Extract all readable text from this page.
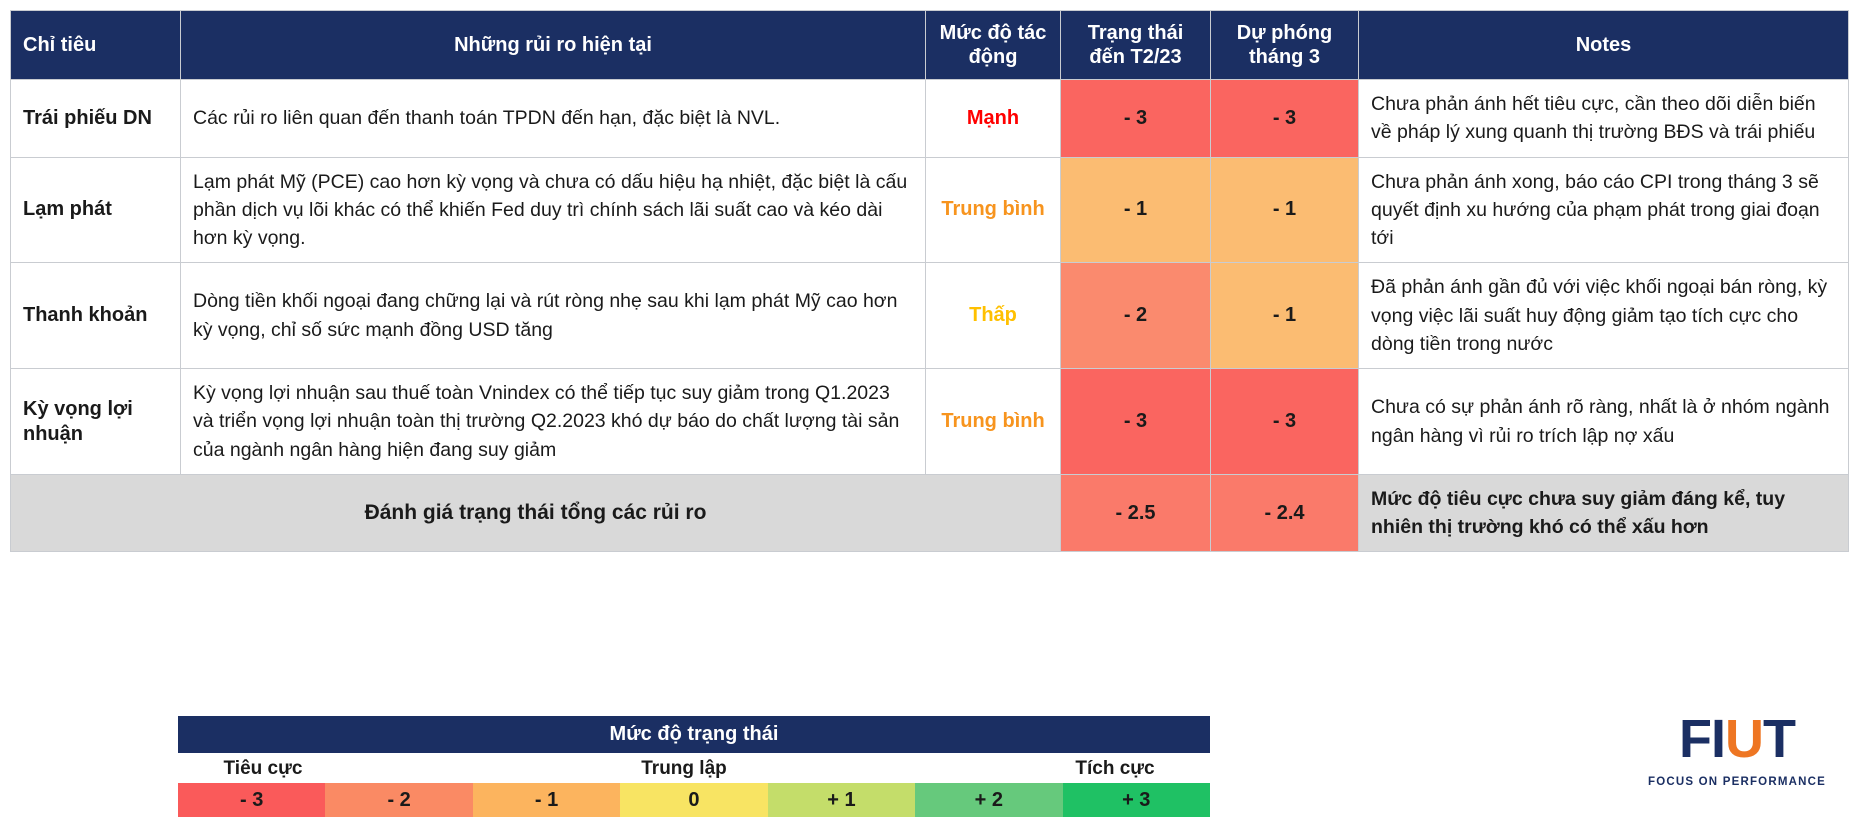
Chỉ tiêu	Những rủi ro hiện tại	Mức độ tác động	Trạng thái đến T2/23	Dự phóng tháng 3	Notes
Trái phiếu DN	Các rủi ro liên quan đến thanh toán TPDN đến hạn, đặc biệt là NVL.	Mạnh	- 3	- 3	Chưa phản ánh hết tiêu cực, cần theo dõi diễn biến về pháp lý xung quanh thị trường BĐS và trái phiếu
Lạm phát	Lạm phát Mỹ (PCE) cao hơn kỳ vọng và chưa có dấu hiệu hạ nhiệt, đặc biệt là cấu phần dịch vụ lõi khác có thể khiến Fed duy trì chính sách lãi suất cao và kéo dài hơn kỳ vọng.	Trung bình	- 1	- 1	Chưa phản ánh xong, báo cáo CPI trong tháng 3 sẽ quyết định xu hướng của phạm phát trong giai đoạn tới
Thanh khoản	Dòng tiền khối ngoại đang chững lại và rút ròng nhẹ sau khi lạm phát Mỹ cao hơn kỳ vọng, chỉ số sức mạnh đồng USD tăng	Thấp	- 2	- 1	Đã phản ánh gần đủ với việc khối ngoại bán ròng, kỳ vọng việc lãi suất huy động giảm tạo tích cực cho dòng tiền trong nước
Kỳ vọng lợi nhuận	Kỳ vọng lợi nhuận sau thuế toàn Vnindex có thể tiếp tục suy giảm trong Q1.2023 và triển vọng lợi nhuận toàn thị trường Q2.2023 khó dự báo do chất lượng tài sản của ngành ngân hàng hiện đang suy giảm	Trung bình	- 3	- 3	Chưa có sự phản ánh rõ ràng, nhất là ở nhóm ngành ngân hàng vì rủi ro trích lập nợ xấu
Đánh giá trạng thái tổng các rủi ro			- 2.5	- 2.4	Mức độ tiêu cực chưa suy giảm đáng kể, tuy nhiên thị trường khó có thể xấu hơn
Mức độ trạng thái
Tiêu cực	Trung lập	Tích cực
- 3	- 2	- 1	0	+ 1	+ 2	+ 3
FIUT
FOCUS ON PERFORMANCE
